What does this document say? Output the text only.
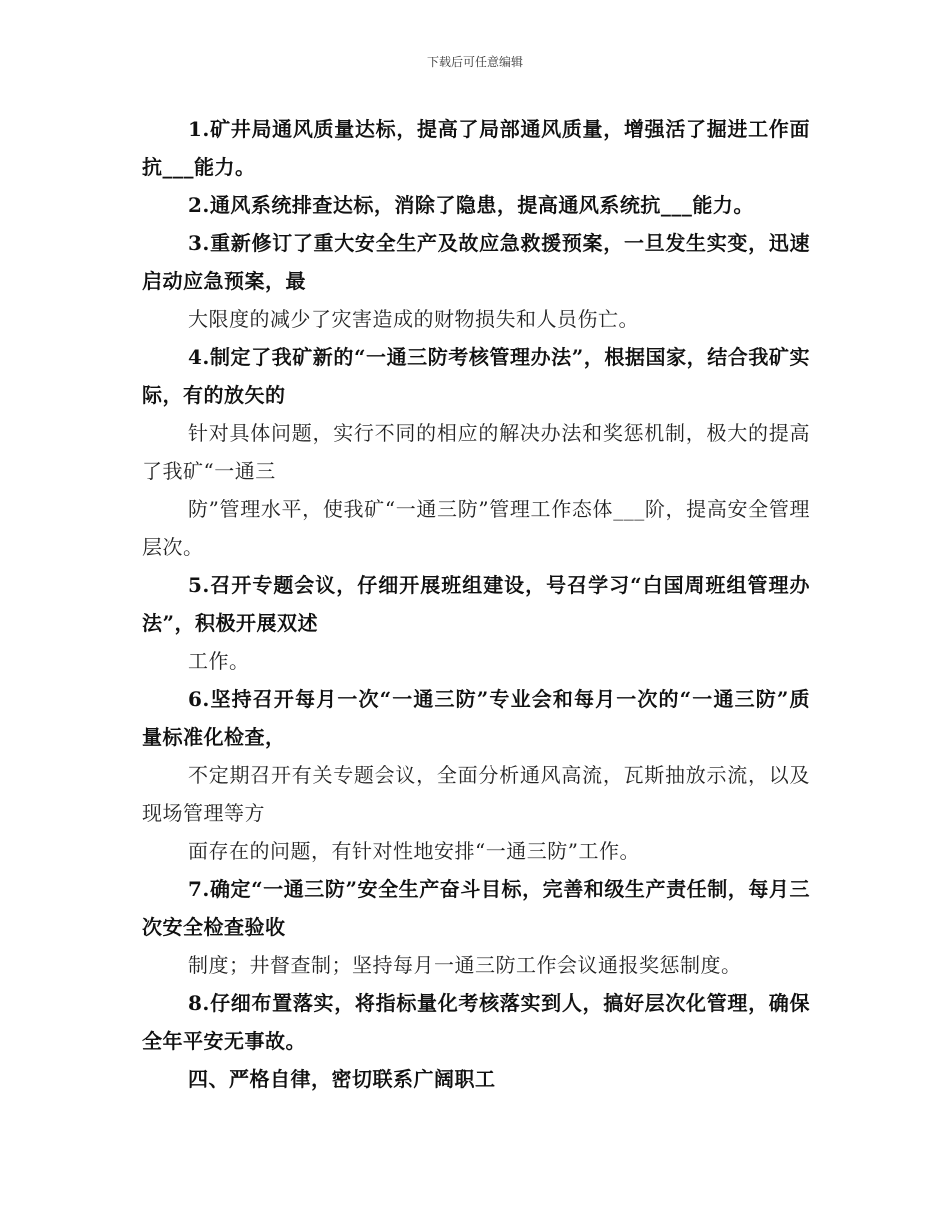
下载后可任意编辑

1.矿井局通风质量达标，提高了局部通风质量，增强活了掘进工作面抗___能力。

2.通风系统排查达标，消除了隐患，提高通风系统抗___能力。

3.重新修订了重大安全生产及故应急救援预案，一旦发生实变，迅速启动应急预案，最

大限度的减少了灾害造成的财物损失和人员伤亡。

4.制定了我矿新的“一通三防考核管理办法”，根据国家，结合我矿实际，有的放矢的

针对具体问题，实行不同的相应的解决办法和奖惩机制，极大的提高了我矿“一通三

防”管理水平，使我矿“一通三防”管理工作态体___阶，提高安全管理层次。

5.召开专题会议，仔细开展班组建设，号召学习“白国周班组管理办法”，积极开展双述

工作。

6.坚持召开每月一次“一通三防”专业会和每月一次的“一通三防”质量标准化检查，

不定期召开有关专题会议，全面分析通风高流，瓦斯抽放示流，以及现场管理等方

面存在的问题，有针对性地安排“一通三防”工作。

7.确定“一通三防”安全生产奋斗目标，完善和级生产责任制，每月三次安全检查验收

制度；井督查制；坚持每月一通三防工作会议通报奖惩制度。

8.仔细布置落实，将指标量化考核落实到人，搞好层次化管理，确保全年平安无事故。

四、严格自律，密切联系广阔职工
